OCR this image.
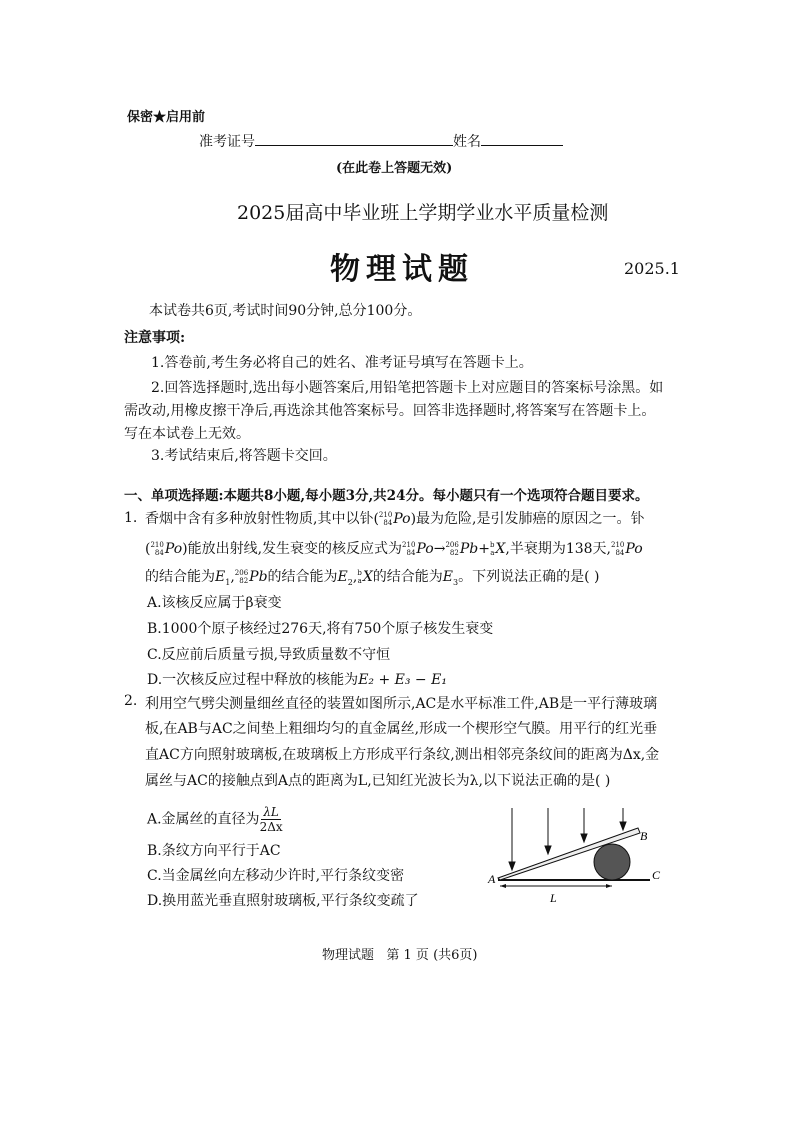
保密★启用前
准考证号	姓名
(在此卷上答题无效)
2025届高中毕业班上学期学业水平质量检测
物理试题	2025.1
本试卷共6页,考试时间90分钟,总分100分。
注意事项:
1.答卷前,考生务必将自己的姓名、准考证号填写在答题卡上。
2.回答选择题时,选出每小题答案后,用铅笔把答题卡上对应题目的答案标号涂黑。如
需改动,用橡皮擦干净后,再选涂其他答案标号。回答非选择题时,将答案写在答题卡上。
写在本试卷上无效。
3.考试结束后,将答题卡交回。
一、单项选择题:本题共8小题,每小题3分,共24分。每小题只有一个选项符合题目要求。
1. 香烟中含有多种放射性物质,其中以钋( 210
84 Po)最为危险,是引发肺癌的原因之一。钋
( 210
84 Po)能放出射线,发生衰变的核反应式为 210
84 Po→ 206
82 Pb+ b
a X,半衰期为138天, 210
84 Po
的结合能为$E_1$, 206
82 Pb的结合能为$E_2$, b
a X的结合能为$E_3$。下列说法正确的是( )
A.该核反应属于β衰变
B.1000个原子核经过276天,将有750个原子核发生衰变
C.反应前后质量亏损,导致质量数不守恒
D.一次核反应过程中释放的核能为E₂ + E₃ − E₁
2. 利用空气劈尖测量细丝直径的装置如图所示,AC是水平标准工件,AB是一平行薄玻璃
板,在AB与AC之间垫上粗细均匀的直金属丝,形成一个楔形空气膜。用平行的红光垂
直AC方向照射玻璃板,在玻璃板上方形成平行条纹,测出相邻亮条纹间的距离为Δx,金
属丝与AC的接触点到A点的距离为L,已知红光波长为λ,以下说法正确的是( )
A.金属丝的直径为 $\frac{\lambda L}{2\Delta x}$
B.条纹方向平行于AC
C.当金属丝向左移动少许时,平行条纹变密
D.换用蓝光垂直照射玻璃板,平行条纹变疏了
A
B
C
L
物理试题   第 1 页 (共6页)
